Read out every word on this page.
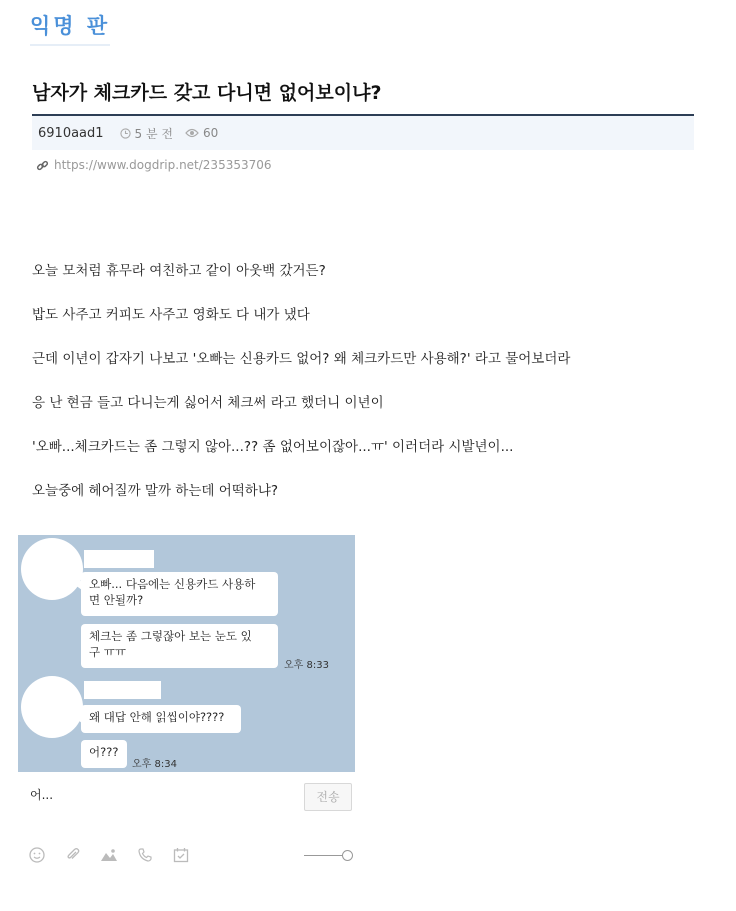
익명 판
남자가 체크카드 갖고 다니면 없어보이냐?
6910aad1	5 분 전	60
https://www.dogdrip.net/235353706

오늘 모처럼 휴무라 여친하고 같이 아웃백 갔거든?

밥도 사주고 커피도 사주고 영화도 다 내가 냈다

근데 이년이 갑자기 나보고 '오빠는 신용카드 없어? 왜 체크카드만 사용해?' 라고 물어보더라

응 난 현금 들고 다니는게 싫어서 체크써 라고 했더니 이년이

'오빠...체크카드는 좀 그렇지 않아...?? 좀 없어보이잖아...ㅠ' 이러더라 시발년이...

오늘중에 헤어질까 말까 하는데 어떡하냐?

오빠... 다음에는 신용카드 사용하
면 안될까?
체크는 좀 그렇잖아 보는 눈도 있
구 ㅠㅠ
오후 8:33
왜 대답 안해 읽씹이야????
어???
오후 8:34
어...	전송
